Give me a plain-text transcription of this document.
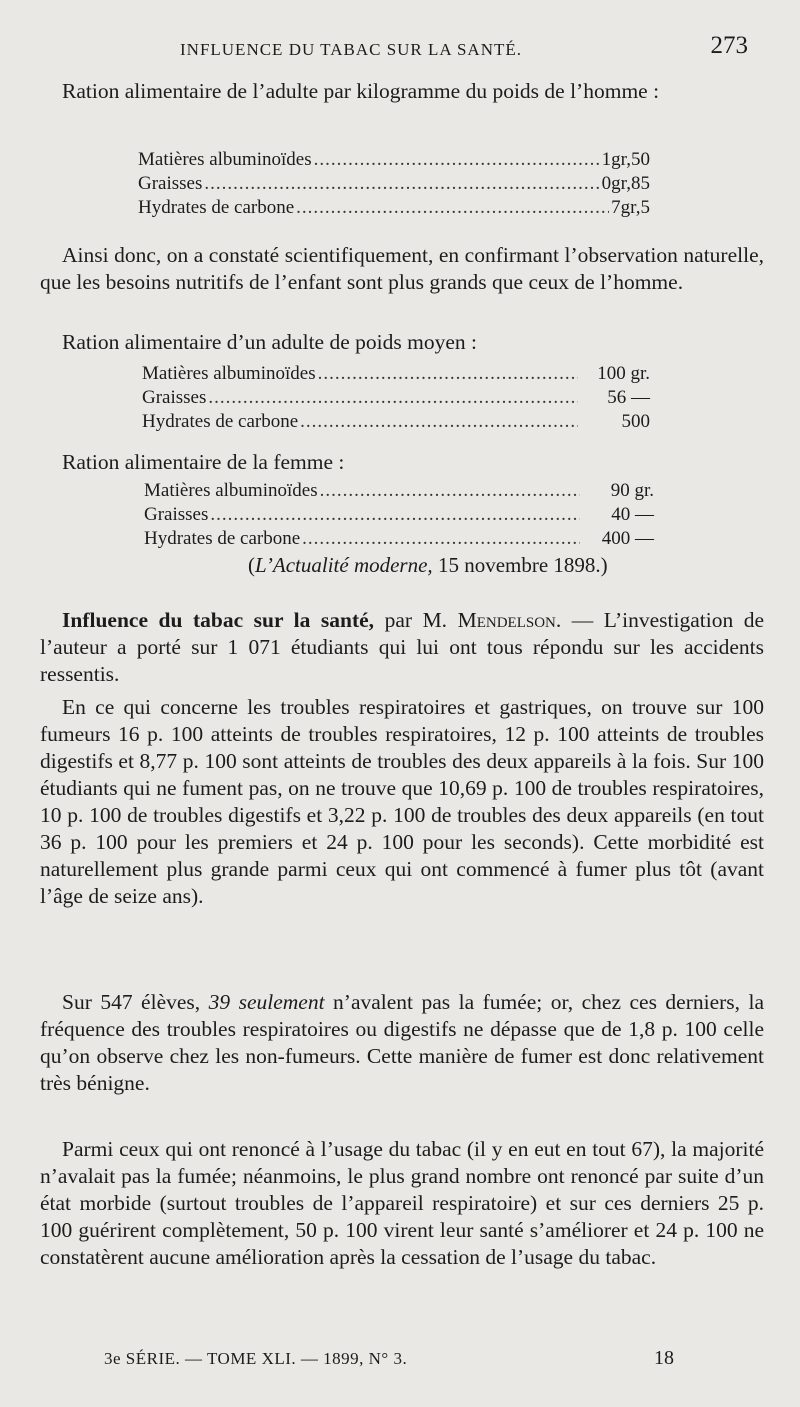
INFLUENCE DU TABAC SUR LA SANTÉ.	273
Ration alimentaire de l’adulte par kilogramme du poids de l’homme :
Matières albuminoïdes .....	1gr,50
Graisses .....	0gr,85
Hydrates de carbone .....	7gr,5
Ainsi donc, on a constaté scientifiquement, en confirmant l’observation naturelle, que les besoins nutritifs de l’enfant sont plus grands que ceux de l’homme.
Ration alimentaire d’un adulte de poids moyen :
Matières albuminoïdes .....	100 gr.
Graisses .....	56 —
Hydrates de carbone .....	500
Ration alimentaire de la femme :
Matières albuminoïdes .....	90 gr.
Graisses .....	40 —
Hydrates de carbone .....	400 —
(L’Actualité moderne, 15 novembre 1898.)
Influence du tabac sur la santé, par M. Mendelson. — L’investigation de l’auteur a porté sur 1 071 étudiants qui lui ont tous répondu sur les accidents ressentis.
En ce qui concerne les troubles respiratoires et gastriques, on trouve sur 100 fumeurs 16 p. 100 atteints de troubles respiratoires, 12 p. 100 atteints de troubles digestifs et 8,77 p. 100 sont atteints de troubles des deux appareils à la fois. Sur 100 étudiants qui ne fument pas, on ne trouve que 10,69 p. 100 de troubles respiratoires, 10 p. 100 de troubles digestifs et 3,22 p. 100 de troubles des deux appareils (en tout 36 p. 100 pour les premiers et 24 p. 100 pour les seconds). Cette morbidité est naturellement plus grande parmi ceux qui ont commencé à fumer plus tôt (avant l’âge de seize ans).
Sur 547 élèves, 39 seulement n’avalent pas la fumée; or, chez ces derniers, la fréquence des troubles respiratoires ou digestifs ne dépasse que de 1,8 p. 100 celle qu’on observe chez les non-fumeurs. Cette manière de fumer est donc relativement très bénigne.
Parmi ceux qui ont renoncé à l’usage du tabac (il y en eut en tout 67), la majorité n’avalait pas la fumée; néanmoins, le plus grand nombre ont renoncé par suite d’un état morbide (surtout troubles de l’appareil respiratoire) et sur ces derniers 25 p. 100 guérirent complètement, 50 p. 100 virent leur santé s’améliorer et 24 p. 100 ne constatèrent aucune amélioration après la cessation de l’usage du tabac.
3e SÉRIE. — TOME XLI. — 1899, N° 3.	18
